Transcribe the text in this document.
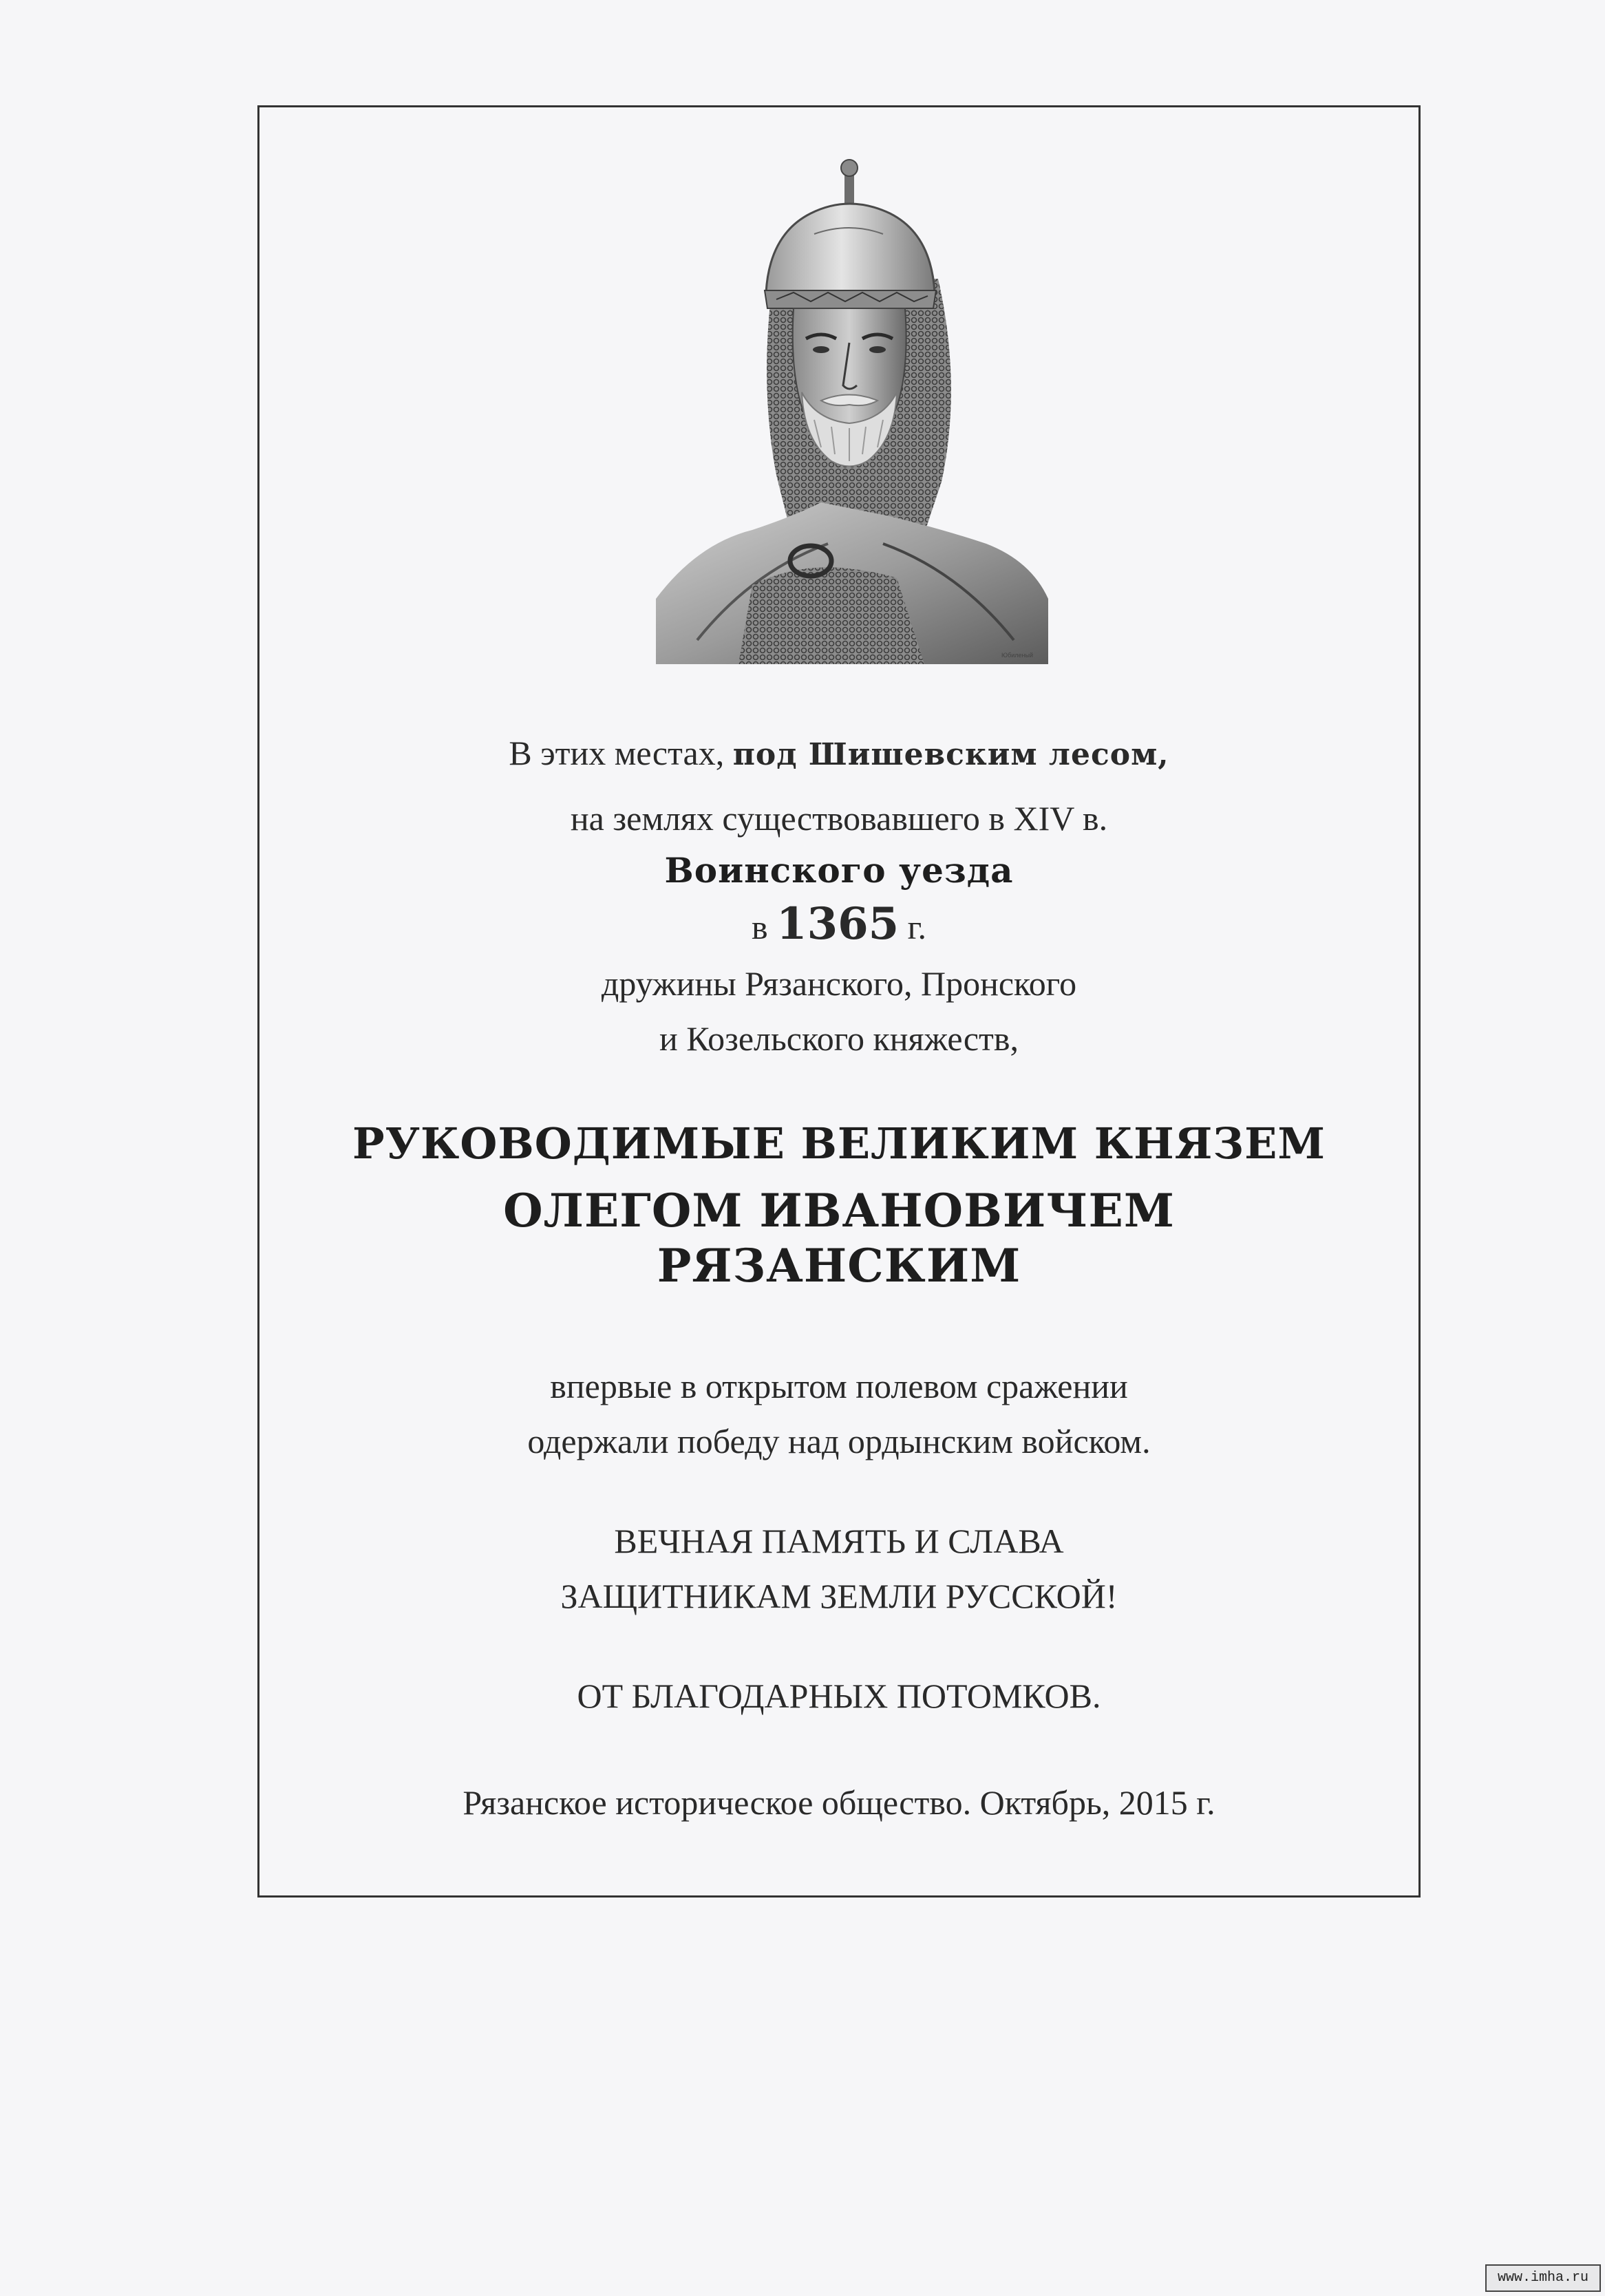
Юбиленый

В этих местах, под Шишевским лесом,

на землях существовавшего в XIV в.

Воинского уезда

в 1365 г.

дружины Рязанского, Пронского

и Козельского княжеств,

РУКОВОДИМЫЕ ВЕЛИКИМ КНЯЗЕМ

ОЛЕГОМ ИВАНОВИЧЕМ

РЯЗАНСКИМ

впервые в открытом полевом сражении

одержали победу над ордынским войском.

ВЕЧНАЯ ПАМЯТЬ И СЛАВА

ЗАЩИТНИКАМ ЗЕМЛИ РУССКОЙ!

ОТ БЛАГОДАРНЫХ ПОТОМКОВ.

Рязанское историческое общество. Октябрь, 2015 г.

www.imha.ru
